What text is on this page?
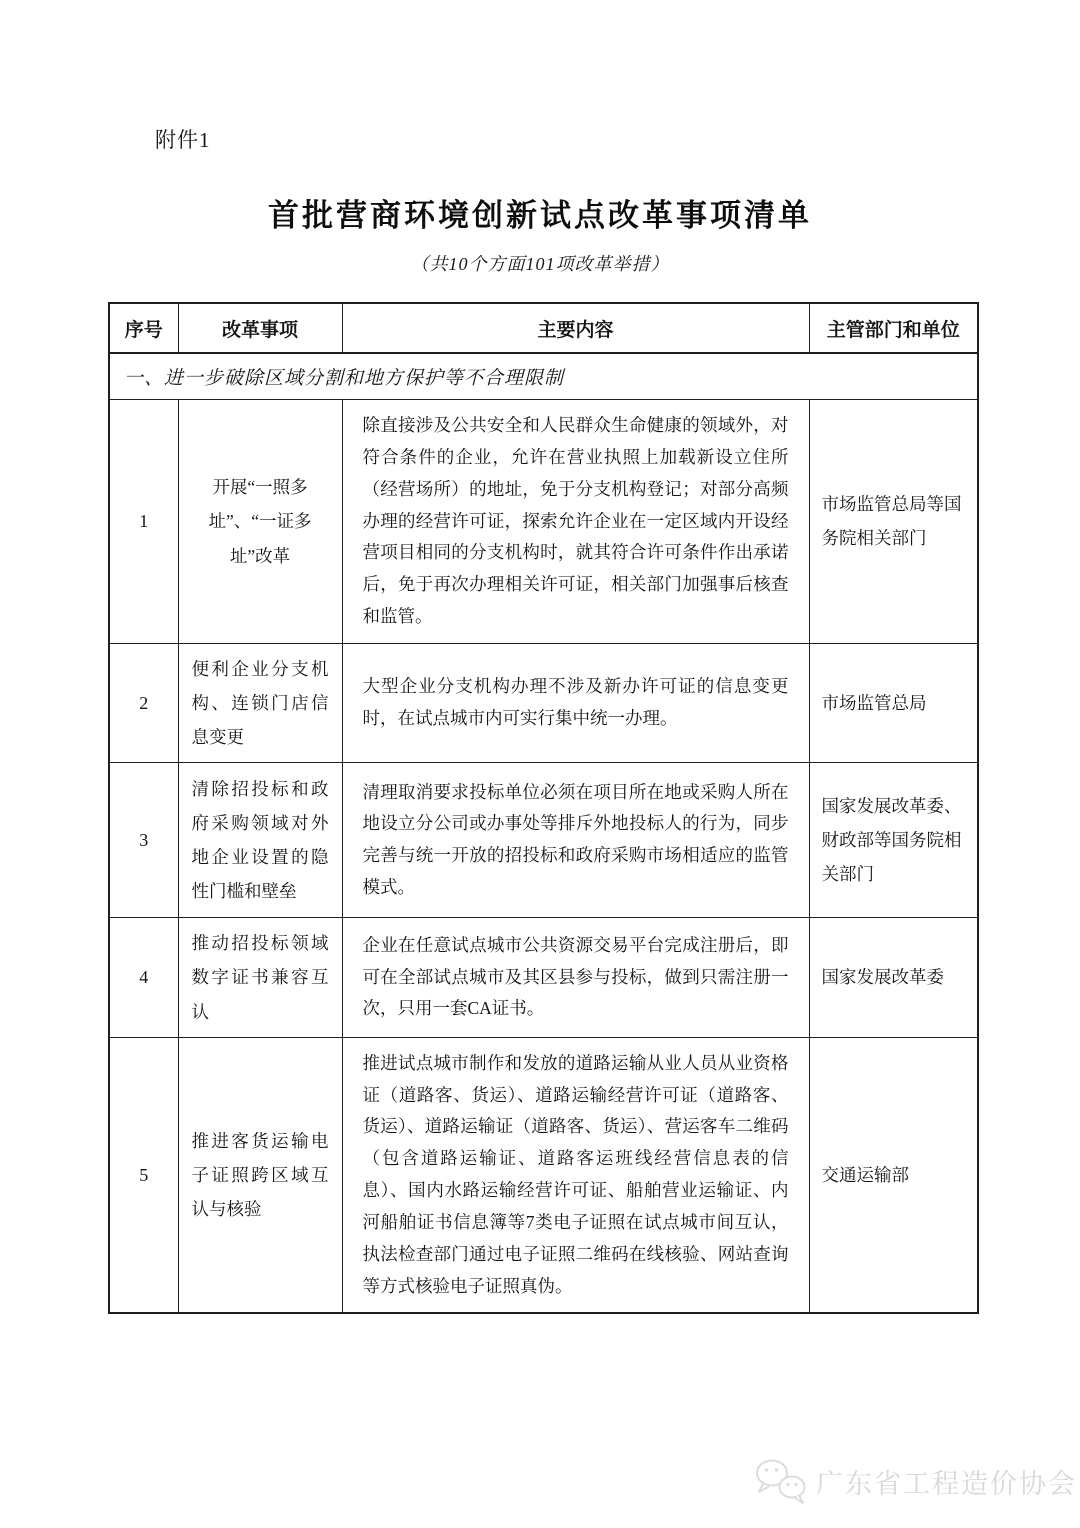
附件1
首批营商环境创新试点改革事项清单
（共10个方面101项改革举措）
序号	改革事项	主要内容	主管部门和单位
一、进一步破除区域分割和地方保护等不合理限制			
1	开展“一照多址”、“一证多址”改革	除直接涉及公共安全和人民群众生命健康的领域外，对符合条件的企业，允许在营业执照上加载新设立住所（经营场所）的地址，免于分支机构登记；对部分高频办理的经营许可证，探索允许企业在一定区域内开设经营项目相同的分支机构时，就其符合许可条件作出承诺后，免于再次办理相关许可证，相关部门加强事后核查和监管。	市场监管总局等国务院相关部门
2	便利企业分支机构、连锁门店信息变更	大型企业分支机构办理不涉及新办许可证的信息变更时，在试点城市内可实行集中统一办理。	市场监管总局
3	清除招投标和政府采购领域对外地企业设置的隐性门槛和壁垒	清理取消要求投标单位必须在项目所在地或采购人所在地设立分公司或办事处等排斥外地投标人的行为，同步完善与统一开放的招投标和政府采购市场相适应的监管模式。	国家发展改革委、财政部等国务院相关部门
4	推动招投标领域数字证书兼容互认	企业在任意试点城市公共资源交易平台完成注册后，即可在全部试点城市及其区县参与投标，做到只需注册一次，只用一套CA证书。	国家发展改革委
5	推进客货运输电子证照跨区域互认与核验	推进试点城市制作和发放的道路运输从业人员从业资格证（道路客、货运）、道路运输经营许可证（道路客、货运）、道路运输证（道路客、货运）、营运客车二维码（包含道路运输证、道路客运班线经营信息表的信息）、国内水路运输经营许可证、船舶营业运输证、内河船舶证书信息簿等7类电子证照在试点城市间互认，执法检查部门通过电子证照二维码在线核验、网站查询等方式核验电子证照真伪。	交通运输部
广东省工程造价协会
